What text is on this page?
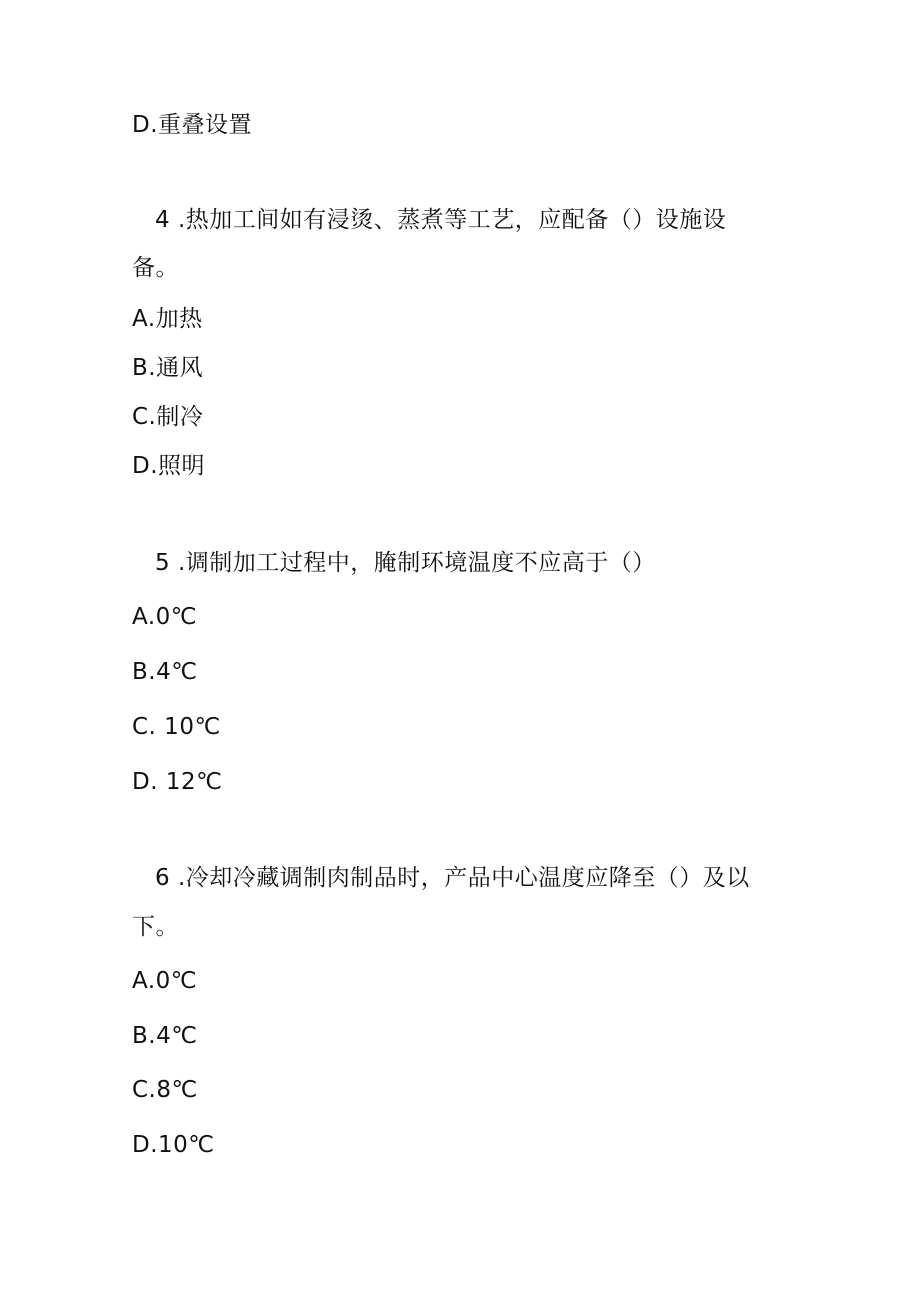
D.重叠设置
4 .热加工间如有浸烫、蒸煮等工艺，应配备（）设施设
备。
A.加热
B.通风
C.制冷
D.照明
5 .调制加工过程中，腌制环境温度不应高于（）
A.0℃
B.4℃
C. 10℃
D. 12℃
6 .冷却冷藏调制肉制品时，产品中心温度应降至（）及以
下。
A.0℃
B.4℃
C.8℃
D.10℃
